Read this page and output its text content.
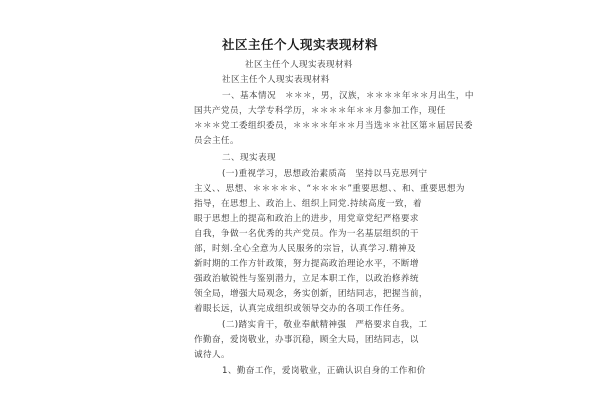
社区主任个人现实表现材料
社区主任个人现实表现材料
社区主任个人现实表现材料
一、基本情况　＊＊＊，男，汉族，＊＊＊＊年＊＊月出生，中
国共产党员，大学专科学历，＊＊＊＊年＊＊月参加工作，现任
＊＊＊党工委组织委员，＊＊＊＊年＊＊月当选＊＊社区第＊届居民委
员会主任。
二、现实表现
(一)重视学习，思想政治素质高　坚持以马克思列宁
主义、、思想、＊＊＊＊＊、“＊＊＊＊”重要思想、、和、重要思想为
指导，在思想上、政治上、组织上同党.持续高度一致，着
眼于思想上的提高和政治上的进步，用党章党纪严格要求
自我，争做一名优秀的共产党员。作为一名基层组织的干
部，时刻.全心全意为人民服务的宗旨，认真学习.精神及
新时期的工作方针政策，努力提高政治理论水平，不断增
强政治敏锐性与鉴别潜力，立足本职工作，以政治修养统
领全局，增强大局观念，务实创新，团结同志，把握当前，
着眼长远，认真完成组织或领导交办的各项工作任务。
(二)踏实肯干，敬业奉献精神强　严格要求自我，工
作勤奋，爱岗敬业，办事沉稳，顾全大局，团结同志，以
诚待人。
1、勤奋工作，爱岗敬业，正确认识自身的工作和价
